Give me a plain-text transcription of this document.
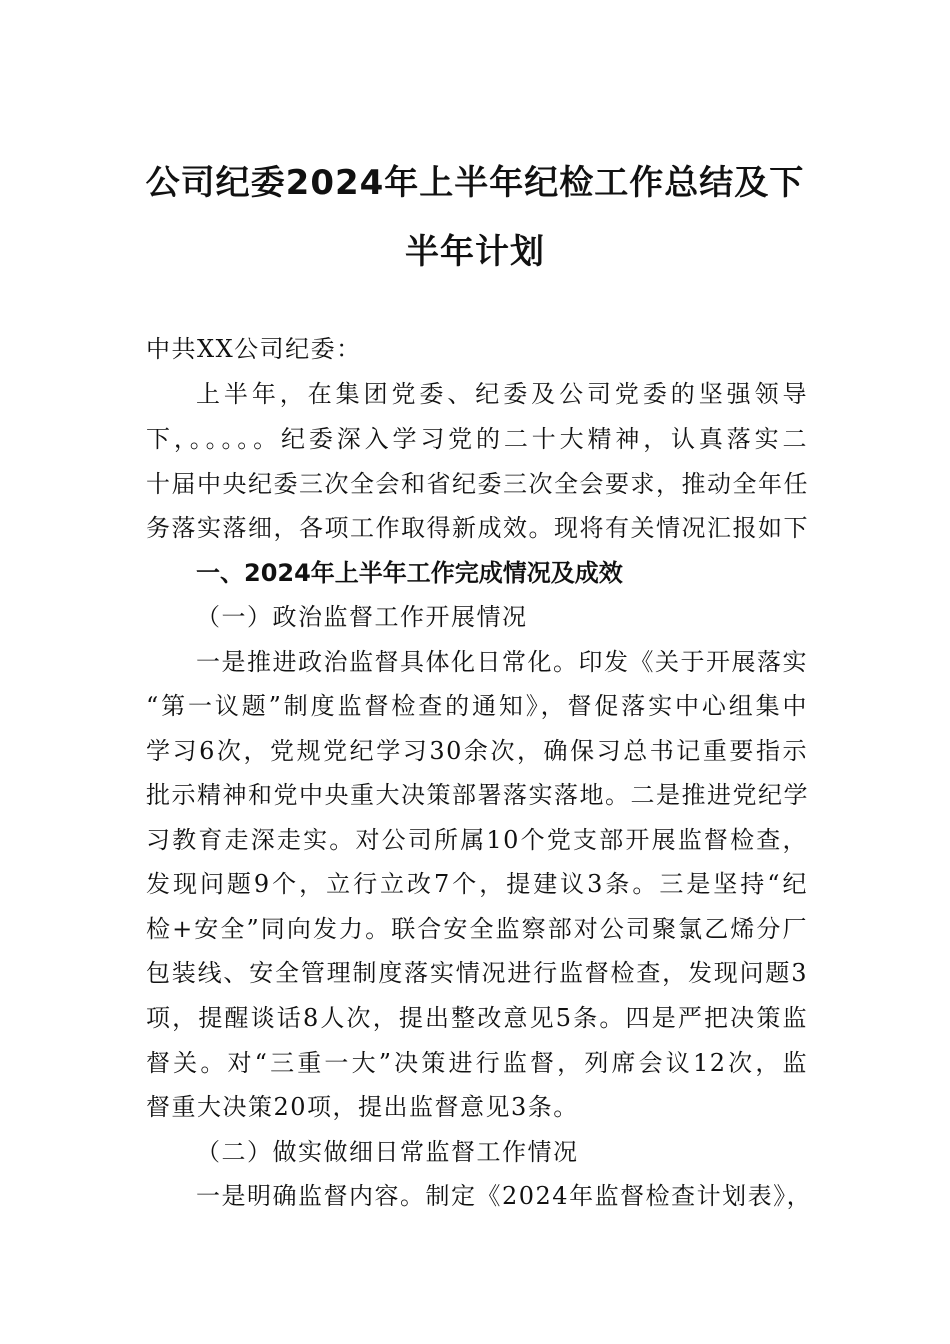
公司纪委2024年上半年纪检工作总结及下
半年计划
中共XX公司纪委：
上半年，在集团党委、纪委及公司党委的坚强领导
下，。。。。。纪委深入学习党的二十大精神，认真落实二
十届中央纪委三次全会和省纪委三次全会要求，推动全年任
务落实落细，各项工作取得新成效。现将有关情况汇报如下
一、2024年上半年工作完成情况及成效
（一）政治监督工作开展情况
一是推进政治监督具体化日常化。印发《关于开展落实
“第一议题”制度监督检查的通知》，督促落实中心组集中
学习6次，党规党纪学习30余次，确保习总书记重要指示
批示精神和党中央重大决策部署落实落地。二是推进党纪学
习教育走深走实。对公司所属10个党支部开展监督检查，
发现问题9个，立行立改7个，提建议3条。三是坚持“纪
检+安全”同向发力。联合安全监察部对公司聚氯乙烯分厂
包装线、安全管理制度落实情况进行监督检查，发现问题3
项，提醒谈话8人次，提出整改意见5条。四是严把决策监
督关。对“三重一大”决策进行监督，列席会议12次，监
督重大决策20项，提出监督意见3条。
（二）做实做细日常监督工作情况
一是明确监督内容。制定《2024年监督检查计划表》，
